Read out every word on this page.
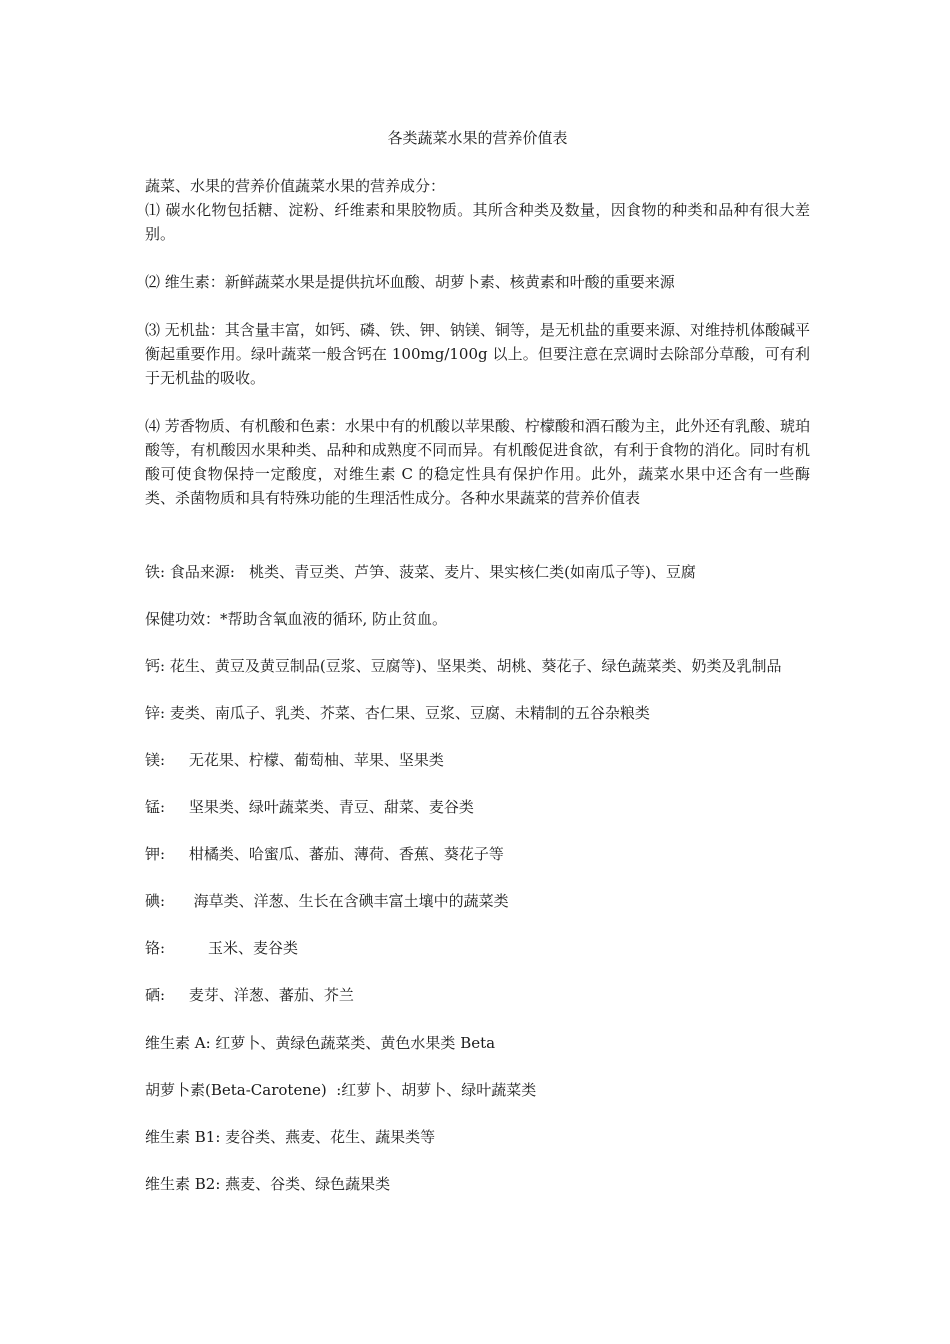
各类蔬菜水果的营养价值表
蔬菜、水果的营养价值蔬菜水果的营养成分：
⑴ 碳水化物包括糖、淀粉、纤维素和果胶物质。其所含种类及数量，因食物的种类和品种有很大差别。
⑵ 维生素：新鲜蔬菜水果是提供抗坏血酸、胡萝卜素、核黄素和叶酸的重要来源
⑶ 无机盐：其含量丰富，如钙、磷、铁、钾、钠镁、铜等，是无机盐的重要来源、对维持机体酸碱平衡起重要作用。绿叶蔬菜一般含钙在 100mg/100g 以上。但要注意在烹调时去除部分草酸，可有利于无机盐的吸收。
⑷ 芳香物质、有机酸和色素：水果中有的机酸以苹果酸、柠檬酸和酒石酸为主，此外还有乳酸、琥珀酸等，有机酸因水果种类、品种和成熟度不同而异。有机酸促进食欲，有利于食物的消化。同时有机酸可使食物保持一定酸度，对维生素 C 的稳定性具有保护作用。此外，蔬菜水果中还含有一些酶类、杀菌物质和具有特殊功能的生理活性成分。各种水果蔬菜的营养价值表
铁: 食品来源:   桃类、青豆类、芦笋、菠菜、麦片、果实核仁类(如南瓜子等)、豆腐
保健功效：*帮助含氧血液的循环, 防止贫血。
钙: 花生、黄豆及黄豆制品(豆浆、豆腐等)、坚果类、胡桃、葵花子、绿色蔬菜类、奶类及乳制品
锌: 麦类、南瓜子、乳类、芥菜、杏仁果、豆浆、豆腐、未精制的五谷杂粮类
镁:     无花果、柠檬、葡萄柚、苹果、坚果类
锰:     坚果类、绿叶蔬菜类、青豆、甜菜、麦谷类
钾:     柑橘类、哈蜜瓜、蕃茄、薄荷、香蕉、葵花子等
碘:      海草类、洋葱、生长在含碘丰富土壤中的蔬菜类
铬:         玉米、麦谷类
硒:     麦芽、洋葱、蕃茄、芥兰
维生素 A: 红萝卜、黄绿色蔬菜类、黄色水果类 Beta
胡萝卜素(Beta-Carotene)  :红萝卜、胡萝卜、绿叶蔬菜类
维生素 B1: 麦谷类、燕麦、花生、蔬果类等
维生素 B2: 燕麦、谷类、绿色蔬果类
